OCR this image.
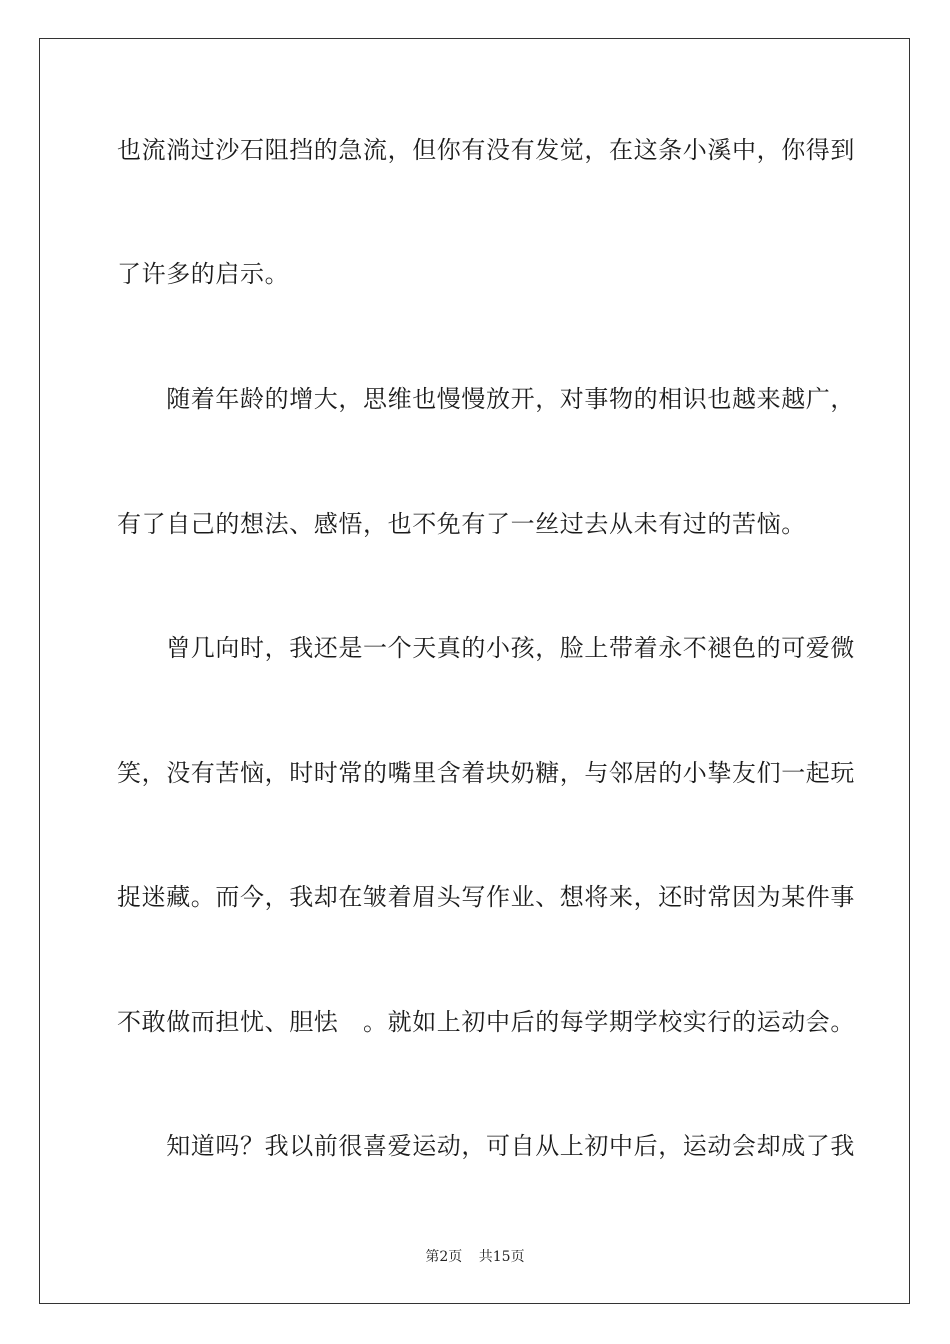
也流淌过沙石阻挡的急流，但你有没有发觉，在这条小溪中，你得到
了许多的启示。
　　随着年龄的增大，思维也慢慢放开，对事物的相识也越来越广，
有了自己的想法、感悟，也不免有了一丝过去从未有过的苦恼。
　　曾几向时，我还是一个天真的小孩，脸上带着永不褪色的可爱微
笑，没有苦恼，时时常的嘴里含着块奶糖，与邻居的小挚友们一起玩
捉迷藏。而今，我却在皱着眉头写作业、想将来，还时常因为某件事
不敢做而担忧、胆怯　。就如上初中后的每学期学校实行的运动会。
　　知道吗？我以前很喜爱运动，可自从上初中后，运动会却成了我
第2页 共15页
